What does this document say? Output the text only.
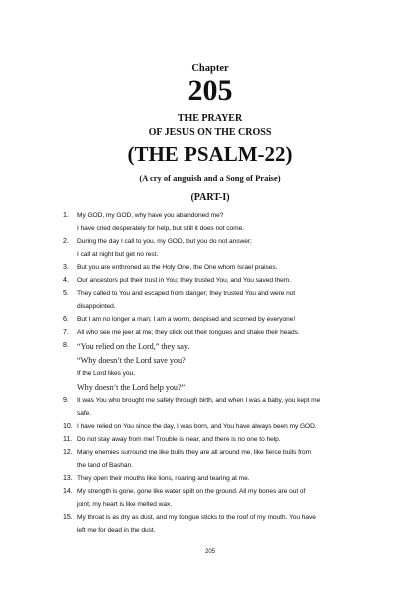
Chapter
205
THE PRAYER
OF JESUS ON THE CROSS
(THE PSALM-22)
(A cry of anguish and a Song of Praise)
(PART-I)
1. My GOD, my GOD, why have you abandoned me?
I have cried desperately for help, but still it does not come.
2. During the day I call to you, my GOD, but you do not answer;
I call at night but get no rest.
3. But you are enthroned as the Holy One, the One whom Israel praises.
4. Our ancestors put their trust in You; they trusted You, and You saved them.
5. They called to You and escaped from danger; they trusted You and were not
disappointed.
6. But I am no longer a man; I am a worm, despised and scorned by everyone!
7. All who see me jeer at me; they stick out their tongues and shake their heads.
8. “You relied on the Lord,” they say.
“Why doesn’t the Lord save you?
If the Lord likes you,
Why doesn’t the Lord help you?”
9. It was You who brought me safely through birth, and when I was a baby, you kept me
safe.
10. I have relied on You since the day, I was born, and You have always been my GOD.
11. Do not stay away from me! Trouble is near, and there is no one to help.
12. Many enemies surround me like bulls they are all around me, like fierce bulls from
the land of Bashan.
13. They open their mouths like lions, roaring and tearing at me.
14. My strength is gone, gone like water spilt on the ground. All my bones are out of
joint; my heart is like melted wax.
15. My throat is as dry as dust, and my tongue sticks to the roof of my mouth. You have
left me for dead in the dust.
205
